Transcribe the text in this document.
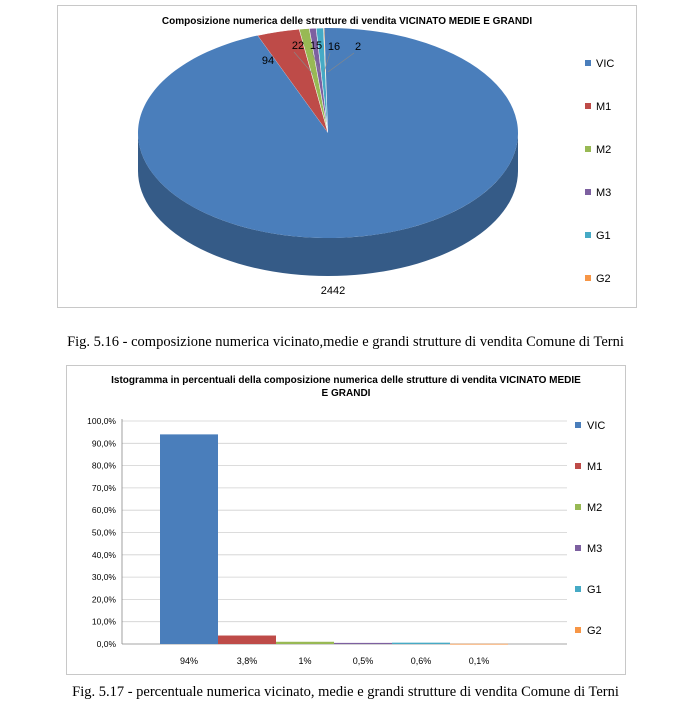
Composizione numerica delle strutture di vendita VICINATO MEDIE E GRANDI
2442
94
22 15 16 2
VIC
M1
M2
M3
G1
G2
Fig. 5.16 - composizione numerica vicinato,medie e grandi strutture di vendita Comune di Terni
Istogramma in percentuali della composizione numerica delle strutture di vendita VICINATO MEDIE E GRANDI
0,0%
10,0%
20,0%
30,0%
40,0%
50,0%
60,0%
70,0%
80,0%
90,0%
100,0%
94%	3,8%	1%	0,5%	0,6%	0,1%
VIC
M1
M2
M3
G1
G2
Fig. 5.17 - percentuale numerica vicinato, medie e grandi strutture di vendita Comune di Terni
